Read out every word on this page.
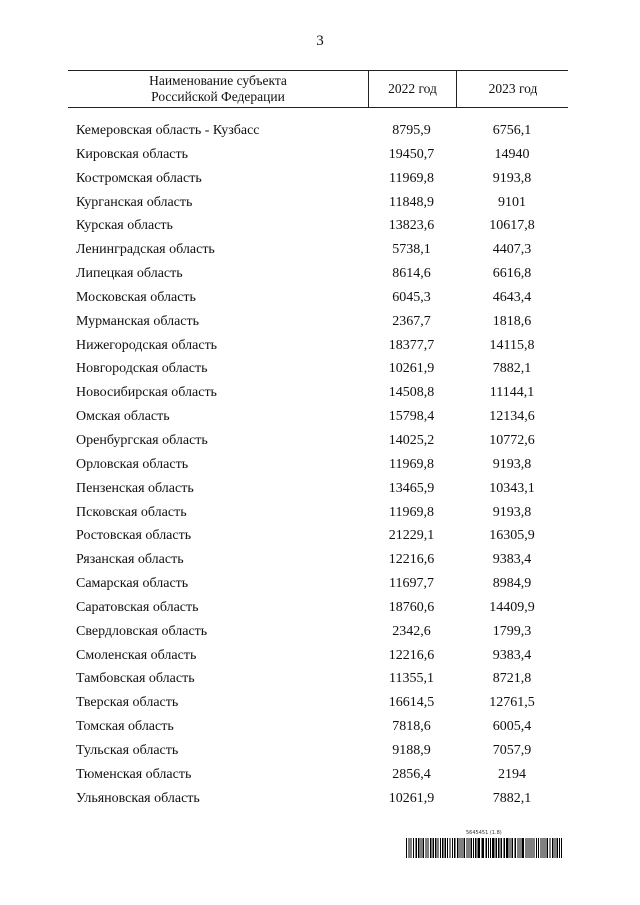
3
Наименование субъекта
Российской Федерации
2022 год	2023 год
Кемеровская область - Кузбасс	8795,9	6756,1
Кировская область	19450,7	14940
Костромская область	11969,8	9193,8
Курганская область	11848,9	9101
Курская область	13823,6	10617,8
Ленинградская область	5738,1	4407,3
Липецкая область	8614,6	6616,8
Московская область	6045,3	4643,4
Мурманская область	2367,7	1818,6
Нижегородская область	18377,7	14115,8
Новгородская область	10261,9	7882,1
Новосибирская область	14508,8	11144,1
Омская область	15798,4	12134,6
Оренбургская область	14025,2	10772,6
Орловская область	11969,8	9193,8
Пензенская область	13465,9	10343,1
Псковская область	11969,8	9193,8
Ростовская область	21229,1	16305,9
Рязанская область	12216,6	9383,4
Самарская область	11697,7	8984,9
Саратовская область	18760,6	14409,9
Свердловская область	2342,6	1799,3
Смоленская область	12216,6	9383,4
Тамбовская область	11355,1	8721,8
Тверская область	16614,5	12761,5
Томская область	7818,6	6005,4
Тульская область	9188,9	7057,9
Тюменская область	2856,4	2194
Ульяновская область	10261,9	7882,1
5645451 (1.8)
